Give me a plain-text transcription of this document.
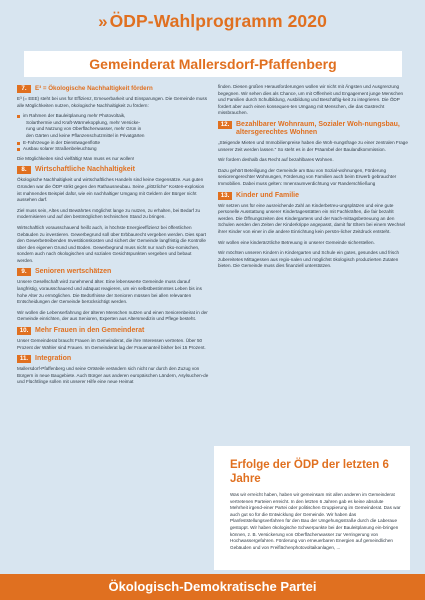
» ÖDP-Wahlprogramm 2020
Gemeinderat Mallersdorf-Pfaffenberg
7.	E³ = Ökologische Nachhaltigkeit fördern

E³ (= EEE) steht bei uns für Effizienz, Erneuerbarkeit und Einsparungen. Die Gemeinde muss alle Möglichkeiten nutzen, ökologische Nachhaltigkeit zu fördern:

im Rahmen der Bauleitplanung mehr Photovoltaik,
Solarthermie und Kraft-Wärmekopplung, mehr Versicke-
rung und Nutzung von Oberflächenwasser, mehr Grün in
den Gärten und keine Pflanzenschutzmittel in Privatgärten
E-Fahrzeuge in der Dienstwagenflotte
Ausbau solarer Straßenbeleuchtung

Die Möglichkeiten sind vielfältig! Man muss es nur wollen!

8.	Wirtschaftliche Nachhaltigkeit

Ökologische Nachhaltigkeit und wirtschaftliches Handeln sind keine Gegensätze. Aus guten Gründen war die ÖDP strikt gegen den Rathausneubau. Seine „plötzliche" Kosten-explosion ist mahnendes Beispiel dafür, wie ein nachhaltiger Umgang mit Geldern der Bürger nicht aussehen darf.

Ziel muss sein, Altes und Bewährtes möglichst lange zu nutzen, zu erhalten, bei Bedarf zu modernisieren und auf den bestmöglichen technischen Stand zu bringen.

Wirtschaftlich vorausschauend heißt auch, in höchste Energieeffizienz bei öffentlichen Gebäuden zu investieren. Gewerbegrund soll über Erbbaurecht vergeben werden. Dies spart den Gewerbetreibenden Investitionskosten und sichert der Gemeinde langfristig die Kontrolle über den eigenen Grund und Boden. Gewerbegrund muss nicht nur nach öko-nomischen, sondern auch nach ökologischen und sozialen Gesichtspunkten vergeben und bebaut werden.

9.	Senioren wertschätzen

Unsere Gesellschaft wird zunehmend älter. Eine lebenswerte Gemeinde muss darauf langfristig, vorausschauend und adäquat reagieren, um ein selbstbestimmtes Leben bis ins hohe Alter zu ermöglichen. Die Bedürfnisse der Senioren müssen bei allen relevanten Entscheidungen der Gemeinde berücksichtigt werden.

Wir wollen die Lebenserfahrung der älteren Menschen nutzen und einen Seniorenbeirat in der Gemeinde einrichten, der aus Senioren, Experten aus Altersmedizin und Pflege besteht.

10. Mehr Frauen in den Gemeinderat

Unser Gemeinderat braucht Frauen im Gemeinderat, die ihre Interessen vertreten. Über 50 Prozent der Wähler sind Frauen. Im Gemeinderat lag der Frauenanteil bisher bei 15 Prozent.

11. Integration

Mallersdorf-Pfaffenberg und seine Ortsteile verändern sich nicht nur durch den Zuzug von Bürgern in neue Baugebiete. Auch Bürger aus anderen europäischen Ländern, Asylsuchen-de und Flüchtlinge sollen mit unserer Hilfe eine neue Heimat

finden. Diesen großen Herausforderungen wollen wir nicht mit Ängsten und Ausgrenzung begegnen. Wir sehen dies als Chance, um mit Offenheit und Engagement junge Menschen und Familien durch Schulbildung, Ausbildung und Beschäftig-keit zu integrieren. Die ÖDP fordert aber auch einen konsequen-ten Umgang mit Menschen, die das Gastrecht missbrauchen.

12. Bezahlbarer Wohnraum, Sozialer Woh-nungsbau, altersgerechtes Wohnen

„Steigende Mieten und Immobilienpreise haben die Woh-nungsfrage zu einer zentralen Frage unserer Zeit werden lassen." So steht es in der Präambel der Baulandkommission.

Wir fordern deshalb das Recht auf bezahlbares Wohnen.

Dazu gehört Beteiligung der Gemeinde am Bau von Sozial-wohnungen, Förderung seniorengerechter Wohnungen, Förderung von Familien auch beim Erwerb gebrauchter Immobilien. Dabei muss gelten: Innenraumverdichtung vor Randerschließung

13. Kinder und Familie

Wir setzen uns für eine ausreichende Zahl an Kinderbetreu-ungsplätzen und eine gute personelle Ausstattung unserer Kindertagesstätten ein mit Fachkräften, die fair bezahlt werden. Die Öffnungszeiten des Kindergartens und der Nach-mittagsbetreuung an den Schulen werden den Zeiten der Kinderkrippe angepasst, damit für Eltern bei einem Wechsel ihrer Kinder von einer in die andere Einrichtung kein persön-licher Zeitdruck entsteht.

Wir wollen eine kinderärztliche Betreuung in unserer Gemeinde sicherstellen.

Wir möchten unseren Kindern in Kindergarten und Schule ein gutes, gesundes und frisch zubereitetes Mittagessen aus regio-nalen und möglichst ökologisch produzierten Zutaten bieten. Die Gemeinde muss dies finanziell unterstützen.

Erfolge der ÖDP der letzten 6 Jahre
Was wir erreicht haben, haben wir gemeinsam mit allen anderen im Gemeinderat vertretenen Parteien erreicht. In den letzten 6 Jahren gab es keine absolute Mehrheit irgend-einer Partei oder politischen Gruppierung im Gemeinderat. Das war auch gut so für die Entwicklung der Gemeinde. Wir haben das Planfeststellungsverfahren für den Bau der Umgehungsstraße durch die Laberaue gestoppt. Wir haben ökologische Schwerpunkte bei der Bauleitplanung ein-bringen können, z. B. Versickerung von Oberflächenwasser zur Verringerung von Hochwassergefahren. Förderung von erneuerbaren Energien auf gemeindlichen Gebäuden und von Freiflächenphotovoltaikanlagen, ...
Ökologisch-Demokratische Partei
